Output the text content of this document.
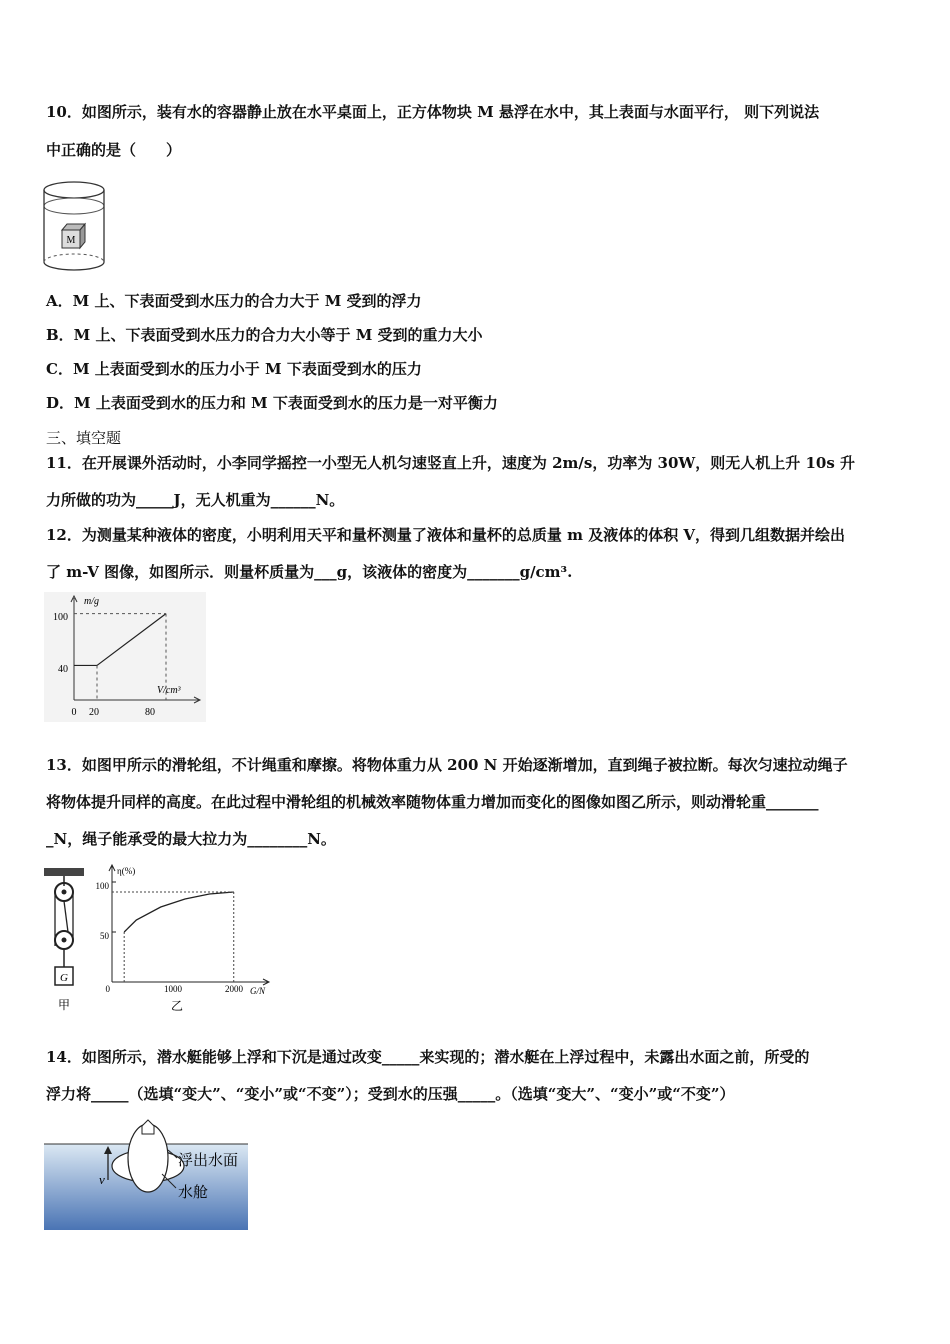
10．如图所示，装有水的容器静止放在水平桌面上，正方体物块 M 悬浮在水中，其上表面与水面平行， 则下列说法
中正确的是（　　）
M
A．M 上、下表面受到水压力的合力大于 M 受到的浮力
B．M 上、下表面受到水压力的合力大小等于 M 受到的重力大小
C．M 上表面受到水的压力小于 M 下表面受到水的压力
D．M 上表面受到水的压力和 M 下表面受到水的压力是一对平衡力
三、填空题
11．在开展课外活动时，小李同学摇控一小型无人机匀速竖直上升，速度为 2m/s，功率为 30W，则无人机上升 10s 升
力所做的功为_____J，无人机重为______N。
12．为测量某种液体的密度，小明利用天平和量杯测量了液体和量杯的总质量 m 及液体的体积 V，得到几组数据并绘出
了 m-V 图像，如图所示．则量杯质量为___g，该液体的密度为_______g/cm³.
m/g
V/cm³
0 20	80
40
100
13．如图甲所示的滑轮组，不计绳重和摩擦。将物体重力从 200 N 开始逐渐增加，直到绳子被拉断。每次匀速拉动绳子
将物体提升同样的高度。在此过程中滑轮组的机械效率随物体重力增加而变化的图像如图乙所示，则动滑轮重_______
_N，绳子能承受的最大拉力为________N。
G
甲
η(%)
G/N
100
50
0	1000	2000
乙
14．如图所示，潜水艇能够上浮和下沉是通过改变_____来实现的；潜水艇在上浮过程中，未露出水面之前，所受的
浮力将_____（选填“变大”、“变小”或“不变”）；受到水的压强_____。（选填“变大”、“变小”或“不变”）
v
浮出水面
水舱
